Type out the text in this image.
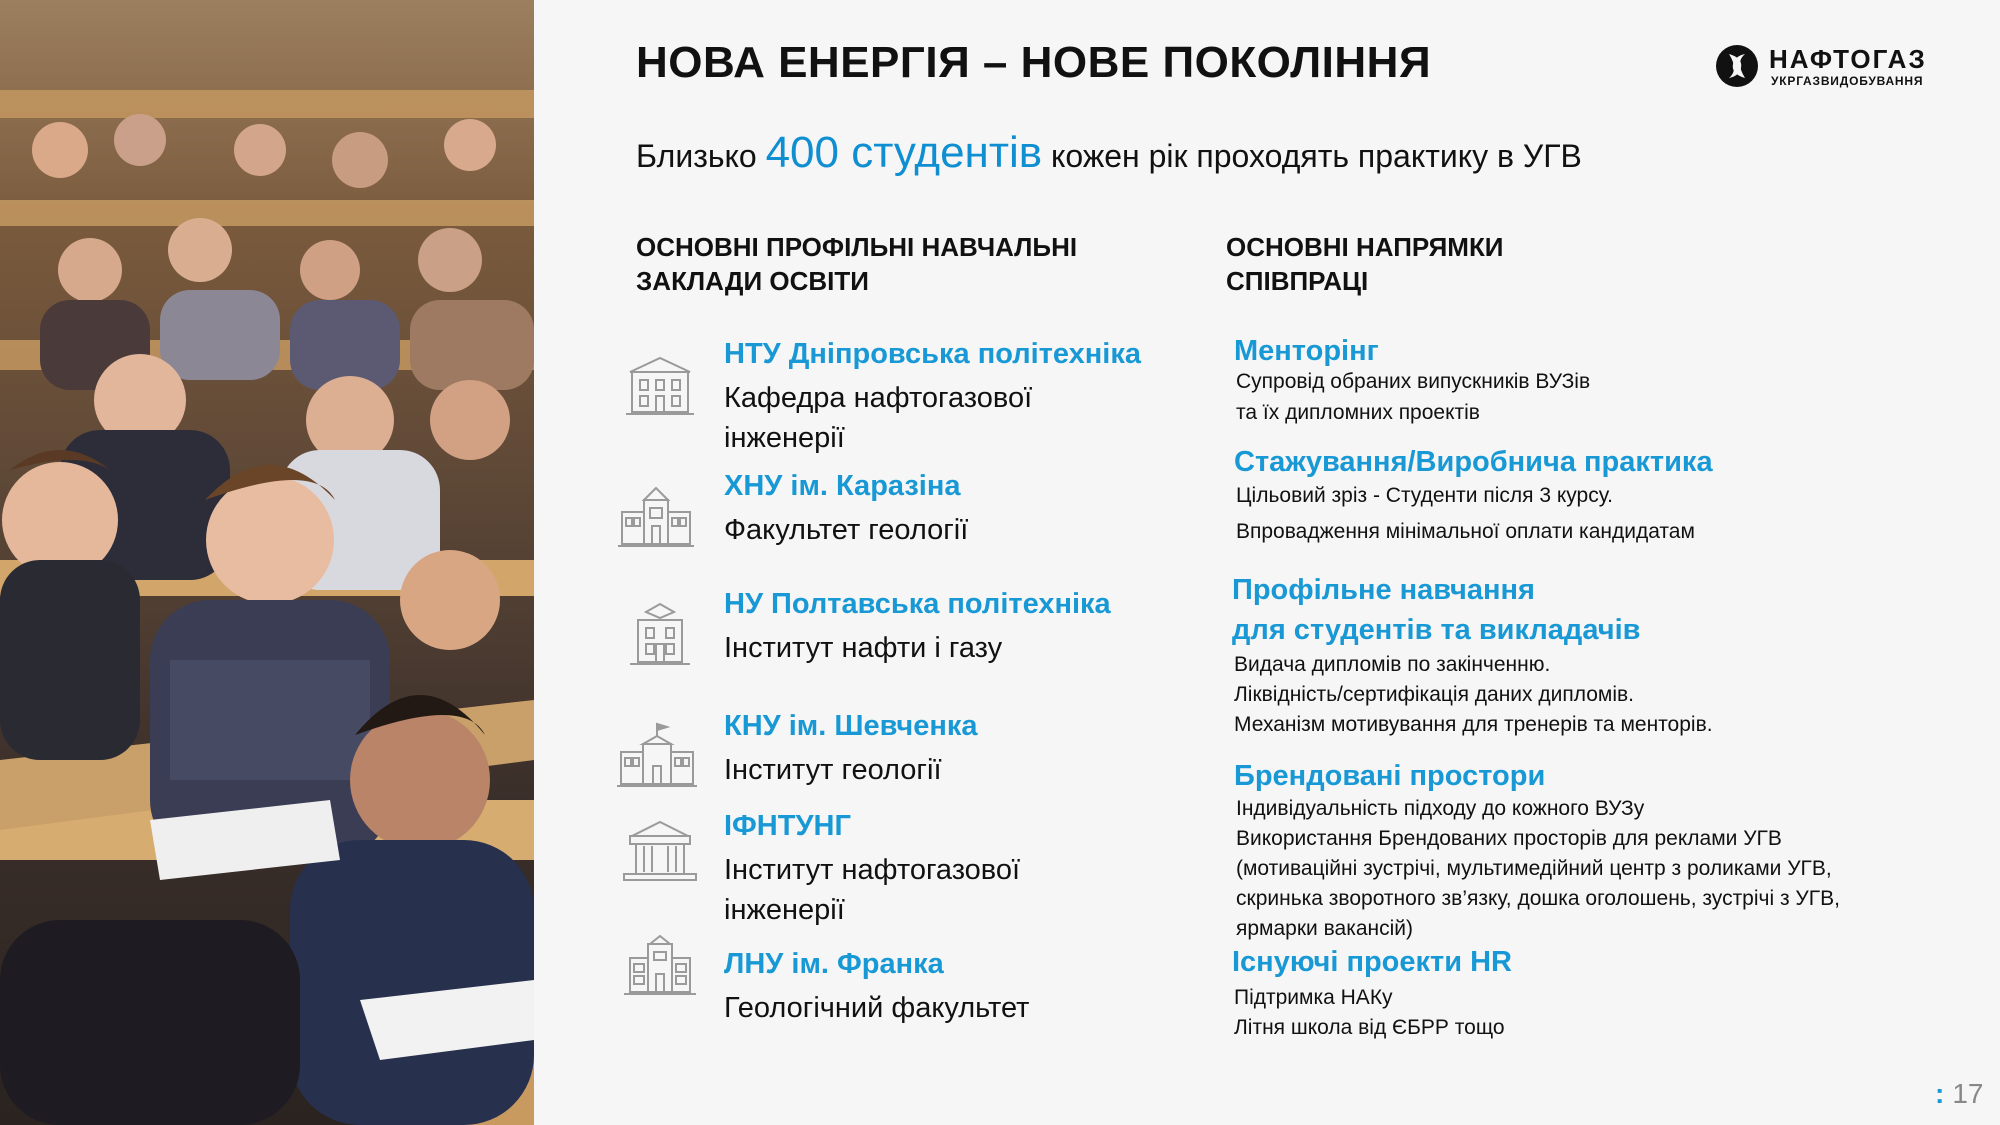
НОВА ЕНЕРГІЯ – НОВЕ ПОКОЛІННЯ	НАФТОГАЗ
УКРГАЗВИДОБУВАННЯ
Близько 400 студентів кожен рік проходять практику в УГВ
ОСНОВНІ ПРОФІЛЬНІ НАВЧАЛЬНІ
ЗАКЛАДИ ОСВІТИ
ОСНОВНІ НАПРЯМКИ
СПІВПРАЦІ
НТУ Дніпровська політехніка
Кафедра нафтогазової інженерії
ХНУ ім. Каразіна
Факультет геології
НУ Полтавська політехніка
Інститут нафти і газу
КНУ ім. Шевченка
Інститут геології
ІФНТУНГ
Інститут нафтогазової інженерії
ЛНУ ім. Франка
Геологічний факультет
Менторінг
Супровід обраних випускників ВУЗів
та їх дипломних проектів
Стажування/Виробнича практика
Цільовий зріз - Студенти після 3 курсу.
Впровадження мінімальної оплати кандидатам
Профільне навчання
для студентів та викладачів
Видача дипломів по закінченню.
Ліквідність/сертифікація даних дипломів.
Механізм мотивування для тренерів та менторів.
Брендовані простори
Індивідуальність підходу до кожного ВУЗу
Використання Брендованих просторів для реклами УГВ
(мотиваційні зустрічі, мультимедійний центр з роликами УГВ,
скринька зворотного зв’язку, дошка оголошень, зустрічі з УГВ,
ярмарки вакансій)
Існуючі проекти HR
Підтримка НАКу
Літня школа від ЄБРР тощо
: 17
